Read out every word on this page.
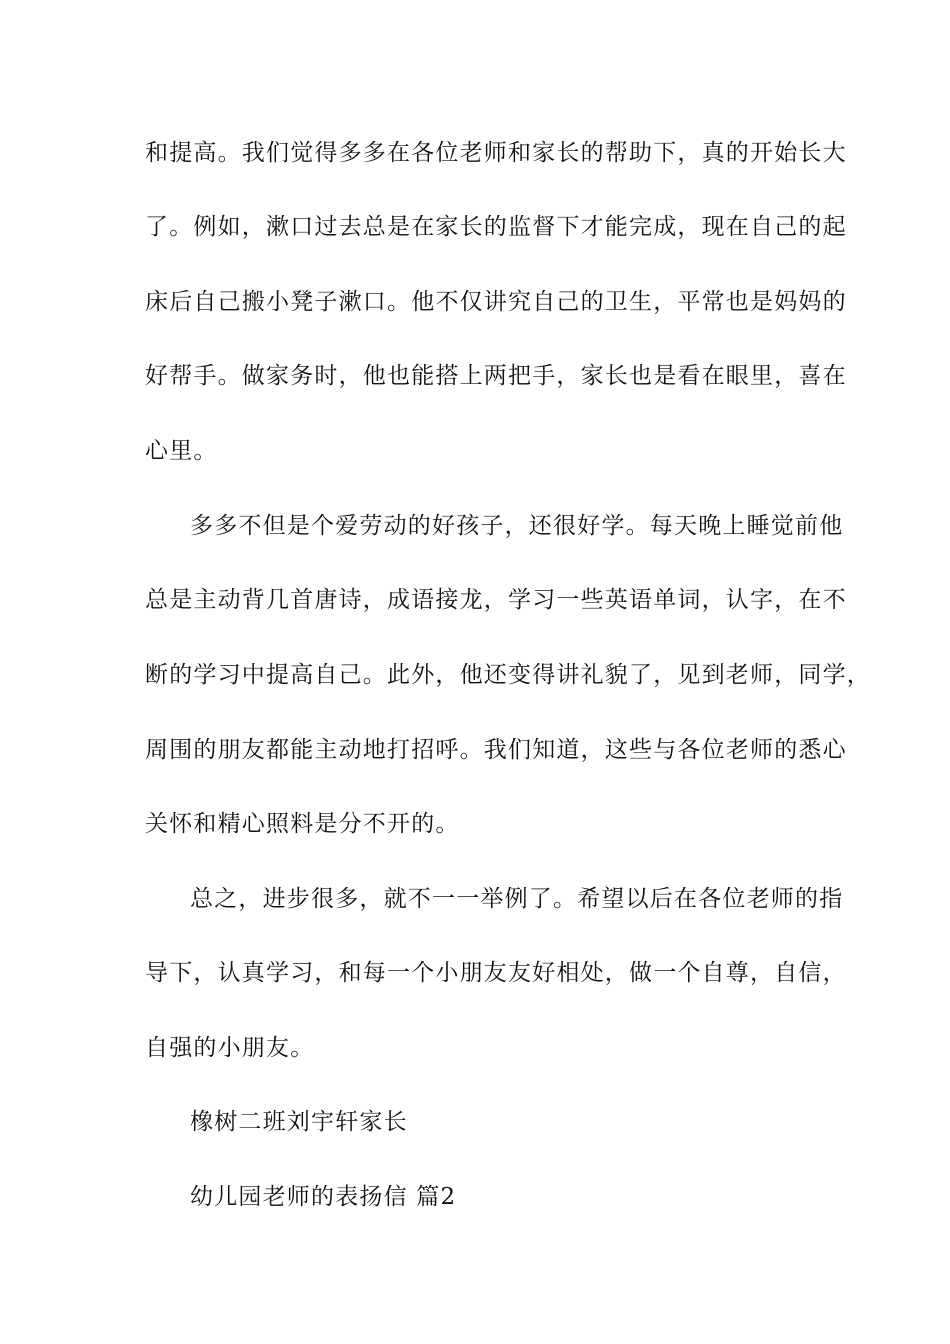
和提高。我们觉得多多在各位老师和家长的帮助下，真的开始长大
了。例如，漱口过去总是在家长的监督下才能完成，现在自己的起
床后自己搬小凳子漱口。他不仅讲究自己的卫生，平常也是妈妈的
好帮手。做家务时，他也能搭上两把手，家长也是看在眼里，喜在
心里。
多多不但是个爱劳动的好孩子，还很好学。每天晚上睡觉前他
总是主动背几首唐诗，成语接龙，学习一些英语单词，认字，在不
断的学习中提高自己。此外，他还变得讲礼貌了，见到老师，同学，
周围的朋友都能主动地打招呼。我们知道，这些与各位老师的悉心
关怀和精心照料是分不开的。
总之，进步很多，就不一一举例了。希望以后在各位老师的指
导下，认真学习，和每一个小朋友友好相处，做一个自尊，自信，
自强的小朋友。
橡树二班刘宇轩家长
幼儿园老师的表扬信 篇2
